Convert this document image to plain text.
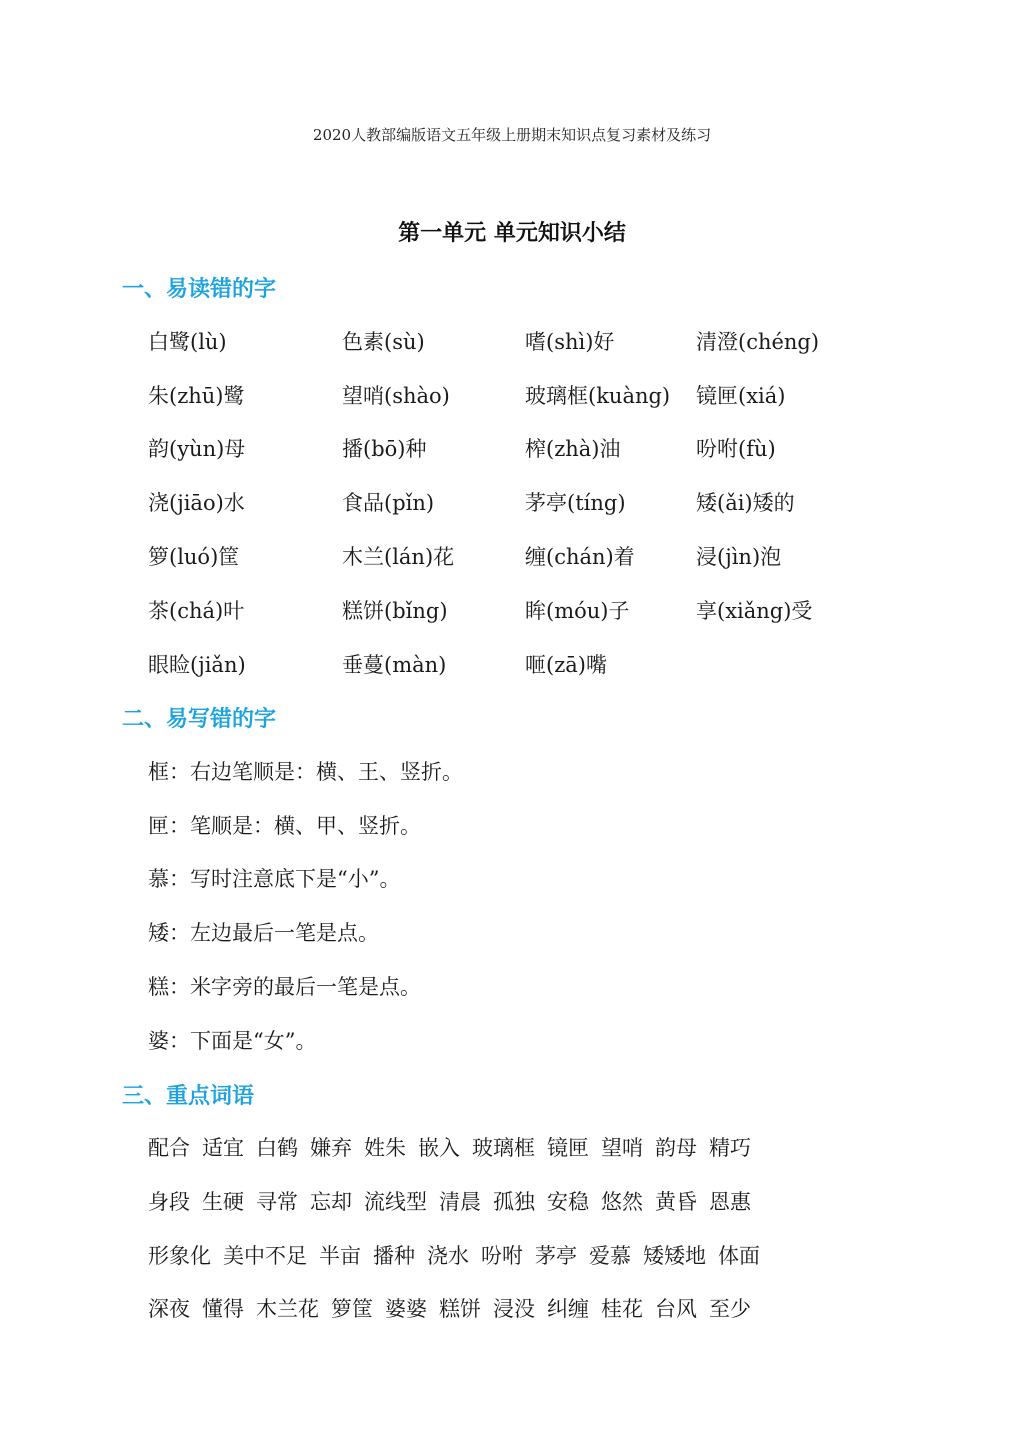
2020人教部编版语文五年级上册期末知识点复习素材及练习
第一单元 单元知识小结
一、易读错的字
白鹭(lù)	色素(sù)	嗜(shì)好	清澄(chéng)
朱(zhū)鹭	望哨(shào)	玻璃框(kuàng) 镜匣(xiá)
韵(yùn)母	播(bō)种	榨(zhà)油	吩咐(fù)
浇(jiāo)水	食品(pǐn)	茅亭(tíng)	矮(ǎi)矮的
箩(luó)筐	木兰(lán)花	缠(chán)着	浸(jìn)泡
茶(chá)叶	糕饼(bǐng)	眸(móu)子	享(xiǎng)受
眼睑(jiǎn)	垂蔓(màn)	咂(zā)嘴
二、易写错的字
框：右边笔顺是：横、王、竖折。
匣：笔顺是：横、甲、竖折。
慕：写时注意底下是“小”。
矮：左边最后一笔是点。
糕：米字旁的最后一笔是点。
婆：下面是“女”。
三、重点词语
配合 适宜 白鹤 嫌弃 姓朱 嵌入 玻璃框 镜匣 望哨 韵母 精巧
身段 生硬 寻常 忘却 流线型 清晨 孤独 安稳 悠然 黄昏 恩惠
形象化 美中不足 半亩 播种 浇水 吩咐 茅亭 爱慕 矮矮地 体面
深夜 懂得 木兰花 箩筐 婆婆 糕饼 浸没 纠缠 桂花 台风 至少
